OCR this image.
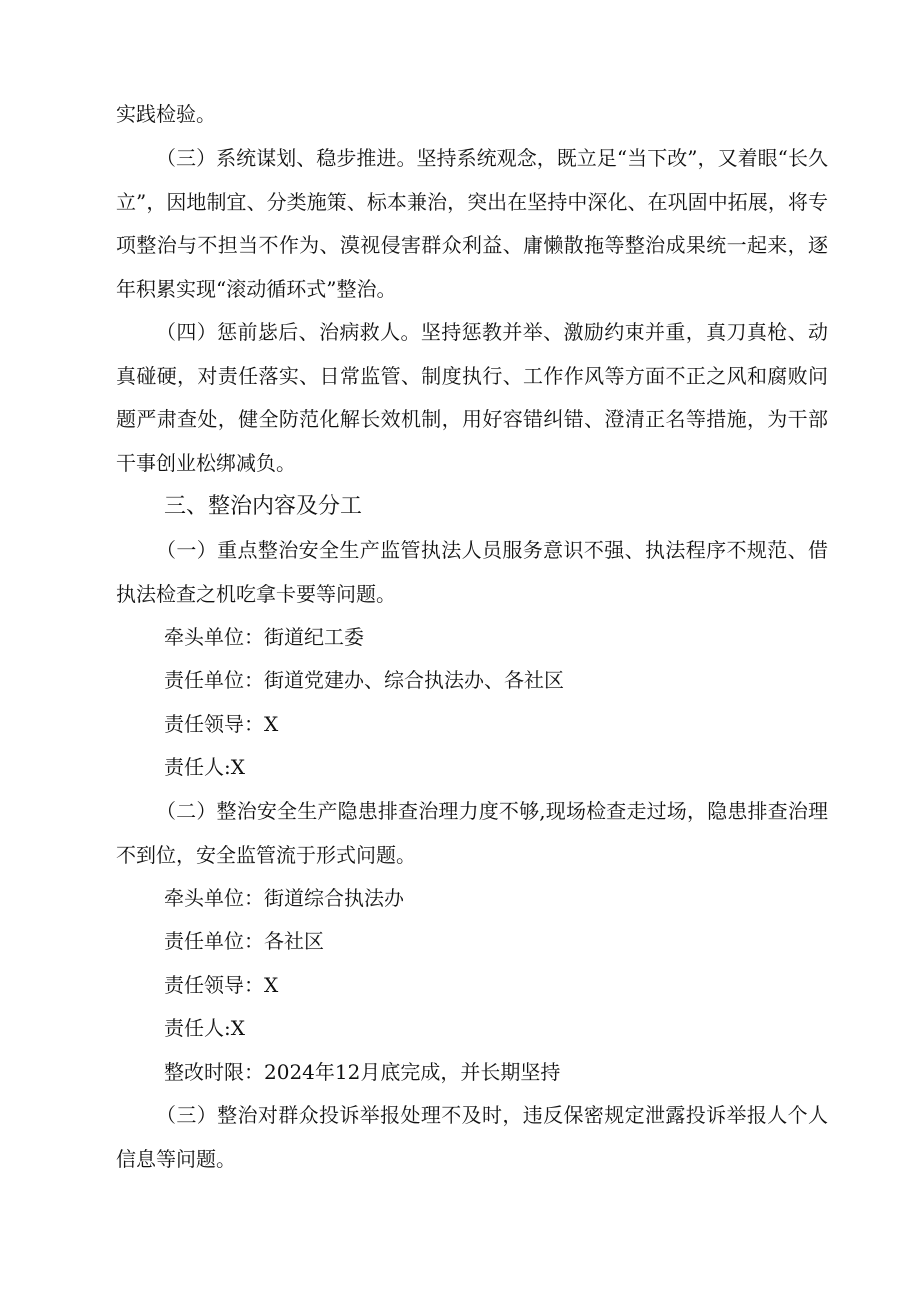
实践检验。

（三）系统谋划、稳步推进。坚持系统观念，既立足“当下改”，又着眼“长久立”，因地制宜、分类施策、标本兼治，突出在坚持中深化、在巩固中拓展，将专项整治与不担当不作为、漠视侵害群众利益、庸懒散拖等整治成果统一起来，逐年积累实现“滚动循环式”整治。

（四）惩前毖后、治病救人。坚持惩教并举、激励约束并重，真刀真枪、动真碰硬，对责任落实、日常监管、制度执行、工作作风等方面不正之风和腐败问题严肃查处，健全防范化解长效机制，用好容错纠错、澄清正名等措施，为干部干事创业松绑减负。

三、整治内容及分工

（一）重点整治安全生产监管执法人员服务意识不强、执法程序不规范、借执法检查之机吃拿卡要等问题。

牵头单位：街道纪工委

责任单位：街道党建办、综合执法办、各社区

责任领导：X

责任人:X

（二）整治安全生产隐患排查治理力度不够,现场检查走过场，隐患排查治理不到位，安全监管流于形式问题。

牵头单位：街道综合执法办

责任单位：各社区

责任领导：X

责任人:X

整改时限：2024年12月底完成，并长期坚持

（三）整治对群众投诉举报处理不及时，违反保密规定泄露投诉举报人个人信息等问题。
